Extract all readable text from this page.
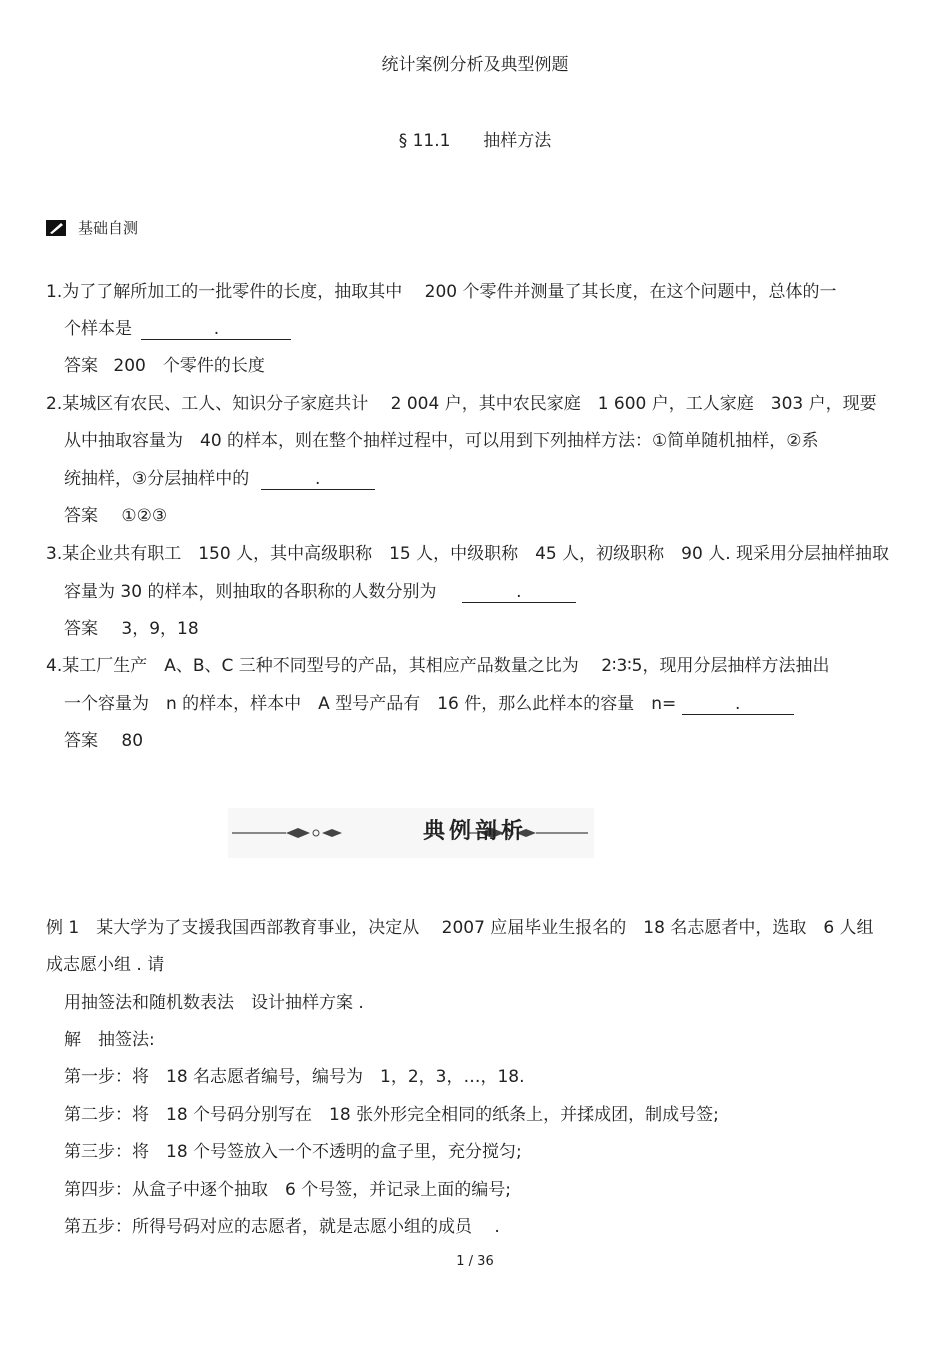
统计案例分析及典型例题
§ 11.1 抽样方法
基础自测
1.为了了解所加工的一批零件的长度，抽取其中　 200 个零件并测量了其长度，在这个问题中，总体的一
个样本是	.
答案 200　个零件的长度
2.某城区有农民、工人、知识分子家庭共计　 2 004 户，其中农民家庭　1 600 户，工人家庭　303 户，现要
从中抽取容量为　40 的样本，则在整个抽样过程中，可以用到下列抽样方法：①简单随机抽样，②系
统抽样，③分层抽样中的	.
答案 ①②③
3.某企业共有职工　150 人，其中高级职称　15 人，中级职称　45 人，初级职称　90 人. 现采用分层抽样抽取
容量为 30 的样本，则抽取的各职称的人数分别为	.
答案 3，9，18
4.某工厂生产　A、B、C 三种不同型号的产品，其相应产品数量之比为　 2∶3∶5，现用分层抽样方法抽出
一个容量为　n 的样本，样本中　A 型号产品有　16 件，那么此样本的容量　n=	.
答案 80
典例剖析
例 1　某大学为了支援我国西部教育事业，决定从　 2007 应届毕业生报名的　18 名志愿者中，选取　6 人组
成志愿小组 . 请
用抽签法和随机数表法　设计抽样方案 .
解　抽签法:
第一步：将　18 名志愿者编号，编号为　1，2，3，…，18.
第二步：将　18 个号码分别写在　18 张外形完全相同的纸条上，并揉成团，制成号签;
第三步：将　18 个号签放入一个不透明的盒子里，充分搅匀;
第四步：从盒子中逐个抽取　6 个号签，并记录上面的编号;
第五步：所得号码对应的志愿者，就是志愿小组的成员　 .
1 / 36
